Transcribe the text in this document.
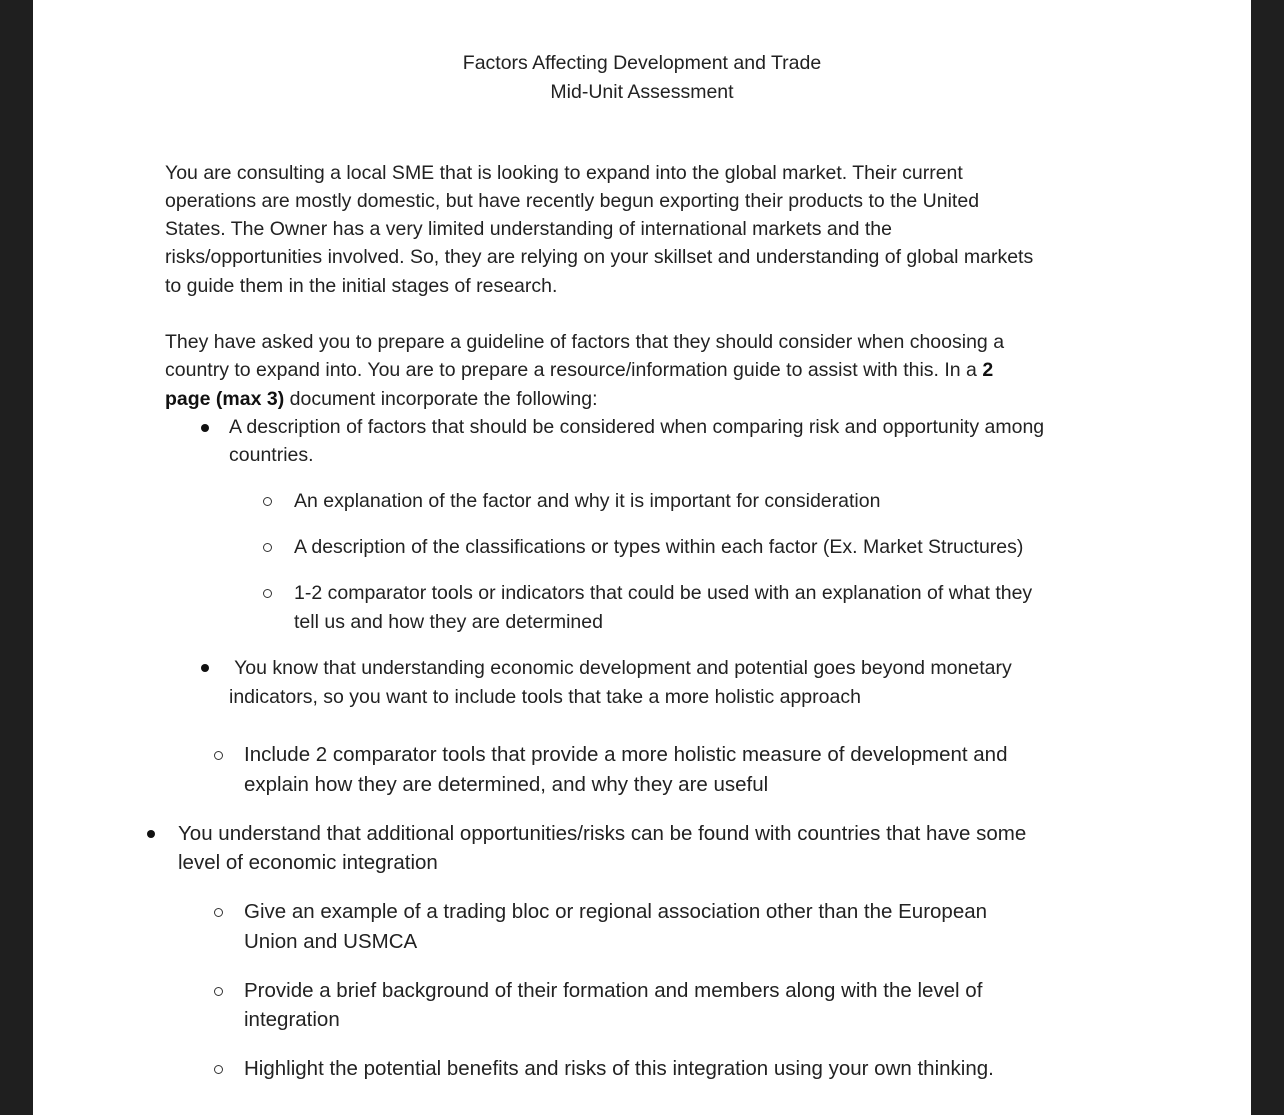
Factors Affecting Development and Trade
Mid-Unit Assessment
You are consulting a local SME that is looking to expand into the global market. Their current
operations are mostly domestic, but have recently begun exporting their products to the United
States. The Owner has a very limited understanding of international markets and the
risks/opportunities involved. So, they are relying on your skillset and understanding of global markets
to guide them in the initial stages of research.
They have asked you to prepare a guideline of factors that they should consider when choosing a
country to expand into. You are to prepare a resource/information guide to assist with this. In a 2
page (max 3) document incorporate the following:
A description of factors that should be considered when comparing risk and opportunity among
countries.
An explanation of the factor and why it is important for consideration
A description of the classifications or types within each factor (Ex. Market Structures)
1-2 comparator tools or indicators that could be used with an explanation of what they
tell us and how they are determined
You know that understanding economic development and potential goes beyond monetary
indicators, so you want to include tools that take a more holistic approach
Include 2 comparator tools that provide a more holistic measure of development and
explain how they are determined, and why they are useful
You understand that additional opportunities/risks can be found with countries that have some
level of economic integration
Give an example of a trading bloc or regional association other than the European
Union and USMCA
Provide a brief background of their formation and members along with the level of
integration
Highlight the potential benefits and risks of this integration using your own thinking.
